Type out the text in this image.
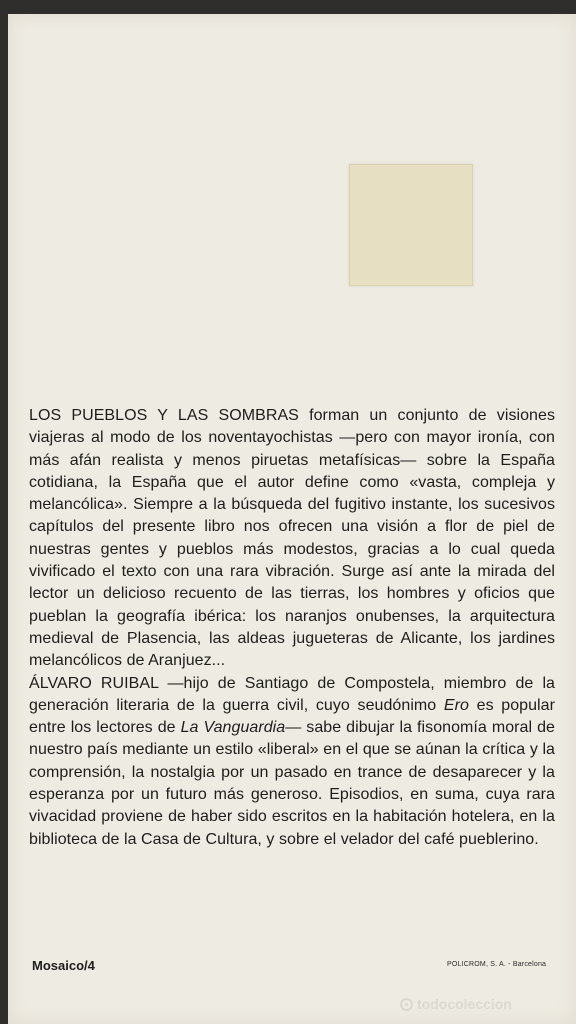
LOS PUEBLOS Y LAS SOMBRAS forman un conjunto de visiones viajeras al modo de los noventayochistas —pero con mayor ironía, con más afán realista y menos piruetas metafísicas— sobre la España cotidiana, la España que el autor define como «vasta, compleja y melancólica». Siempre a la búsqueda del fugitivo instante, los sucesivos capítulos del presente libro nos ofrecen una visión a flor de piel de nuestras gentes y pueblos más modestos, gracias a lo cual queda vivificado el texto con una rara vibración. Surge así ante la mirada del lector un delicioso recuento de las tierras, los hombres y oficios que pueblan la geografía ibérica: los naranjos onubenses, la arquitectura medieval de Plasencia, las aldeas jugueteras de Alicante, los jardines melancólicos de Aranjuez...

ÁLVARO RUIBAL —hijo de Santiago de Compostela, miembro de la generación literaria de la guerra civil, cuyo seudónimo Ero es popular entre los lectores de La Vanguardia— sabe dibujar la fisonomía moral de nuestro país mediante un estilo «liberal» en el que se aúnan la crítica y la comprensión, la nostalgia por un pasado en trance de desaparecer y la esperanza por un futuro más generoso. Episodios, en suma, cuya rara vivacidad proviene de haber sido escritos en la habitación hotelera, en la biblioteca de la Casa de Cultura, y sobre el velador del café pueblerino.

Mosaico/4	POLICROM, S. A. - Barcelona
todocoleccion
